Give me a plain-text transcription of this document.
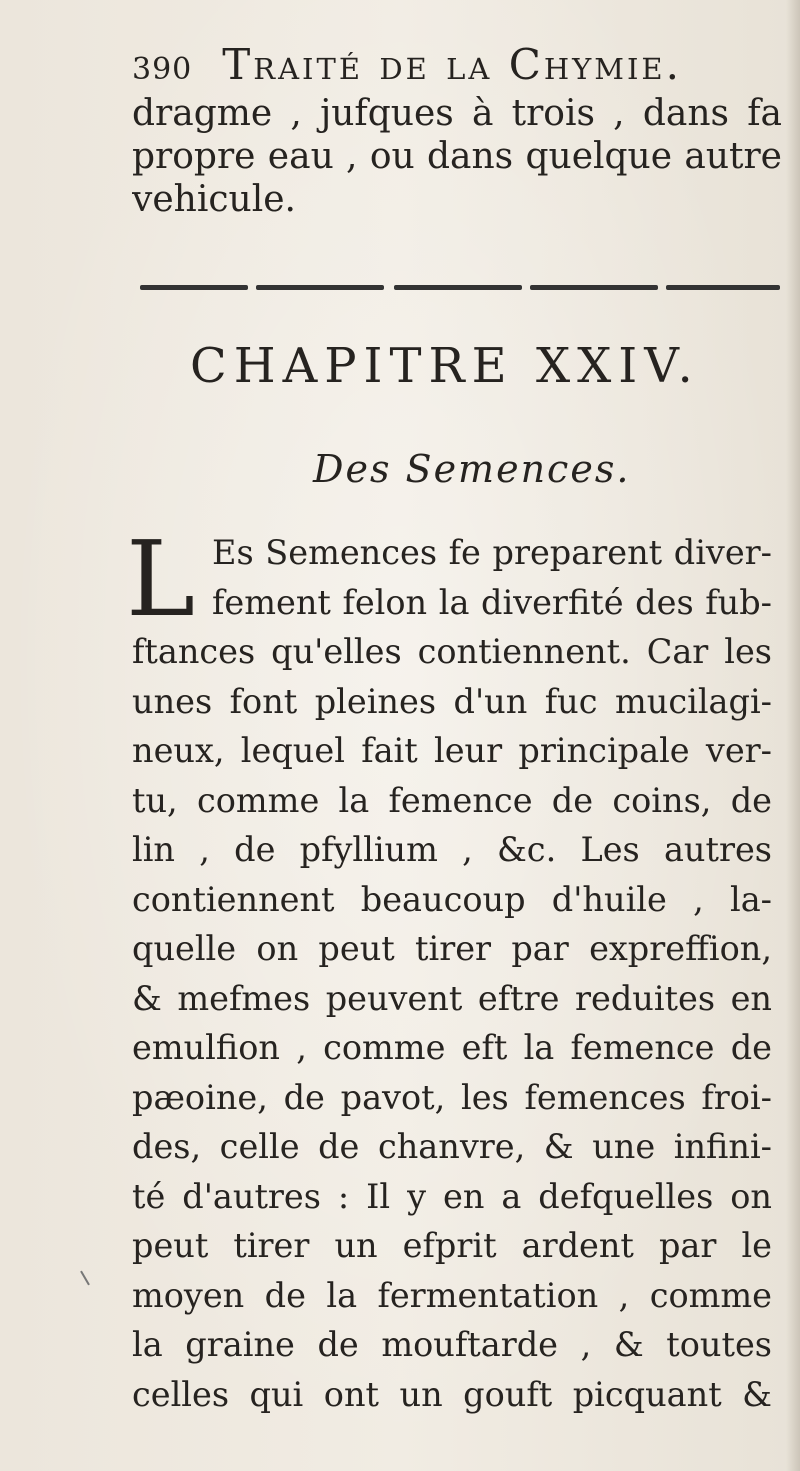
390 Traité de la Chymie.
dragme , jufques à trois , dans fa
propre eau , ou dans quelque autre
vehicule.
CHAPITRE XXIV.
Des Semences.
L Es Semences fe preparent diver-
fement felon la diverfité des fub-
ftances qu'elles contiennent. Car les
unes font pleines d'un fuc mucilagi-
neux, lequel fait leur principale ver-
tu, comme la femence de coins, de
lin , de pfyllium , &c. Les autres
contiennent beaucoup d'huile , la-
quelle on peut tirer par expreffion,
& mefmes peuvent eftre reduites en
emulfion , comme eft la femence de
pæoine, de pavot, les femences froi-
des, celle de chanvre, & une infini-
té d'autres : Il y en a defquelles on
peut tirer un efprit ardent par le
moyen de la fermentation , comme
la graine de mouftarde , & toutes
celles qui ont un gouft picquant &
